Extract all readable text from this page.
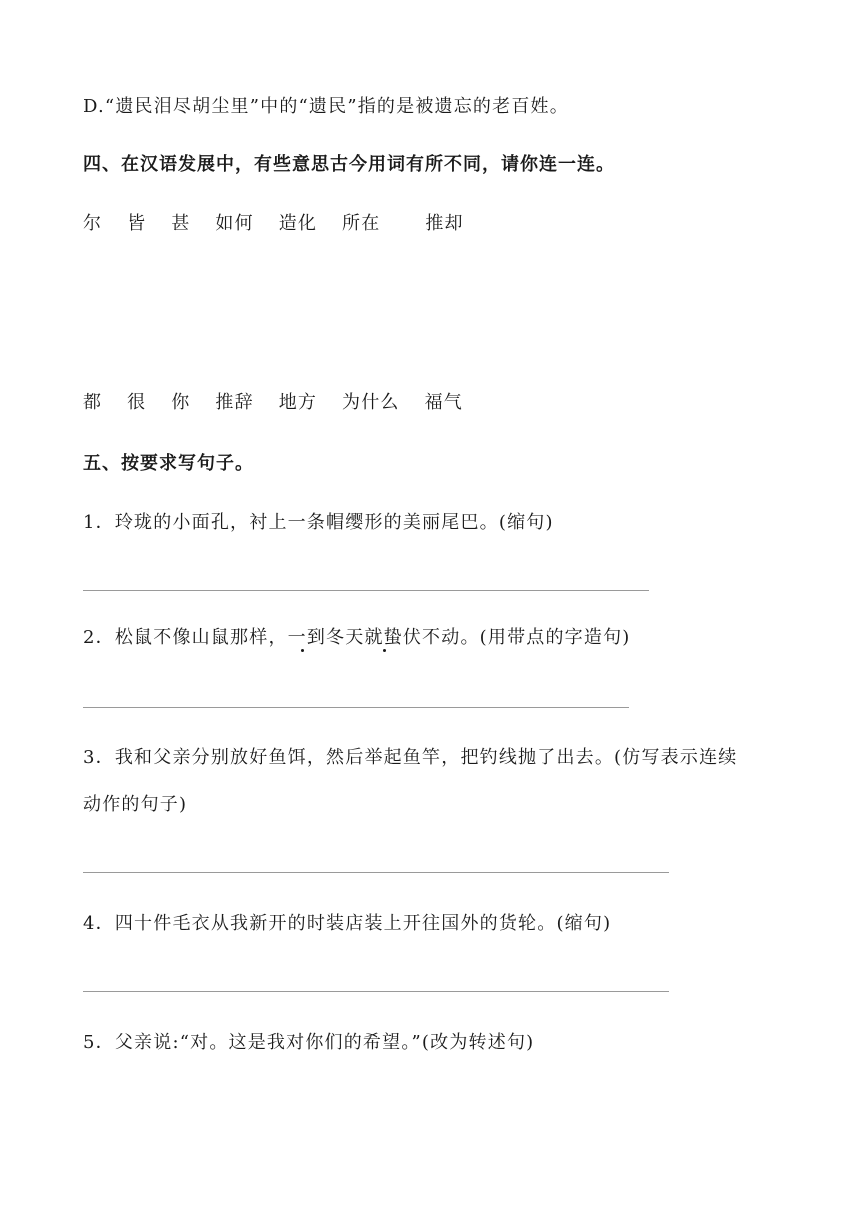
D.“遗民泪尽胡尘里”中的“遗民”指的是被遗忘的老百姓。
四、在汉语发展中，有些意思古今用词有所不同，请你连一连。
尔 皆 甚 如何 造化 所在 推却
都 很 你 推辞 地方 为什么 福气
五、按要求写句子。
1．玲珑的小面孔，衬上一条帽缨形的美丽尾巴。(缩句)
2．松鼠不像山鼠那样，一到冬天就蛰伏不动。(用带点的字造句)
3．我和父亲分别放好鱼饵，然后举起鱼竿，把钓线抛了出去。(仿写表示连续
动作的句子)
4．四十件毛衣从我新开的时装店装上开往国外的货轮。(缩句)
5．父亲说:“对。这是我对你们的希望。”(改为转述句)
